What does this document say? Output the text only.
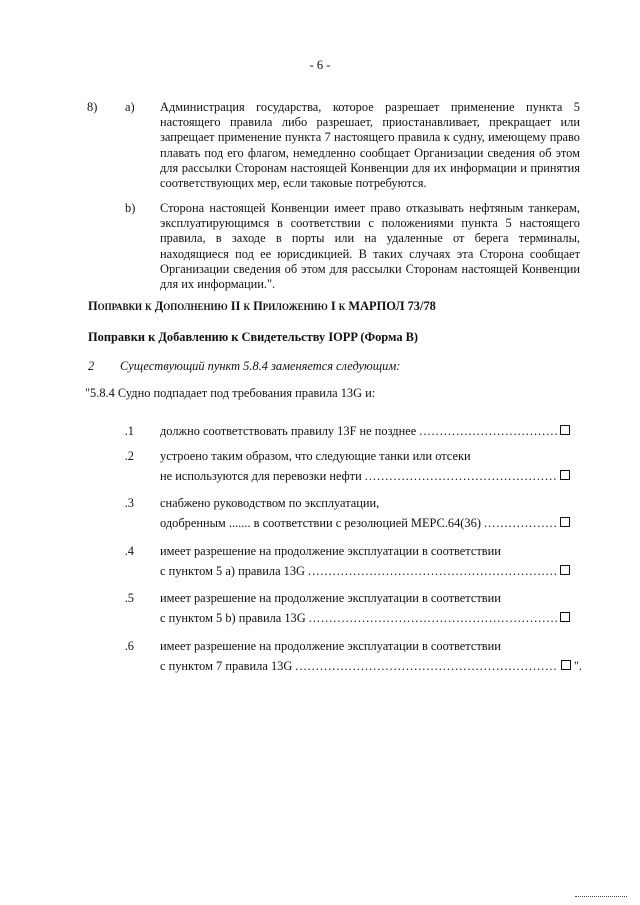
- 6 -
8) a) Администрация государства, которое разрешает применение пункта 5 настоящего правила либо разрешает, приостанавливает, прекращает или запрещает применение пункта 7 настоящего правила к судну, имеющему право плавать под его флагом, немедленно сообщает Организации сведения об этом для рассылки Сторонам настоящей Конвенции для их информации и принятия соответствующих мер, если таковые потребуются.
b) Сторона настоящей Конвенции имеет право отказывать нефтяным танкерам, эксплуатирующимся в соответствии с положениями пункта 5 настоящего правила, в заходе в порты или на удаленные от берега терминалы, находящиеся под ее юрисдикцией. В таких случаях эта Сторона сообщает Организации сведения об этом для рассылки Сторонам настоящей Конвенции для их информации.".
Поправки к Дополнению II к Приложению I к МАРПОЛ 73/78
Поправки к Добавлению к Свидетельству IOPP (Форма B)
2 Существующий пункт 5.8.4 заменяется следующим:
"5.8.4 Судно подпадает под требования правила 13G и:
.1 должно соответствовать правилу 13F не позднее
.....
.2 устроено таким образом, что следующие танки или отсеки
не используются для перевозки нефти
.....
.3 снабжено руководством по эксплуатации,
одобренным ....... в соответствии с резолюцией МЕРС.64(36)
.....
.4 имеет разрешение на продолжение эксплуатации в соответствии
с пунктом 5 a) правила 13G
.....
.5 имеет разрешение на продолжение эксплуатации в соответствии
с пунктом 5 b) правила 13G
.....
.6 имеет разрешение на продолжение эксплуатации в соответствии
с пунктом 7 правила 13G
.....	".
